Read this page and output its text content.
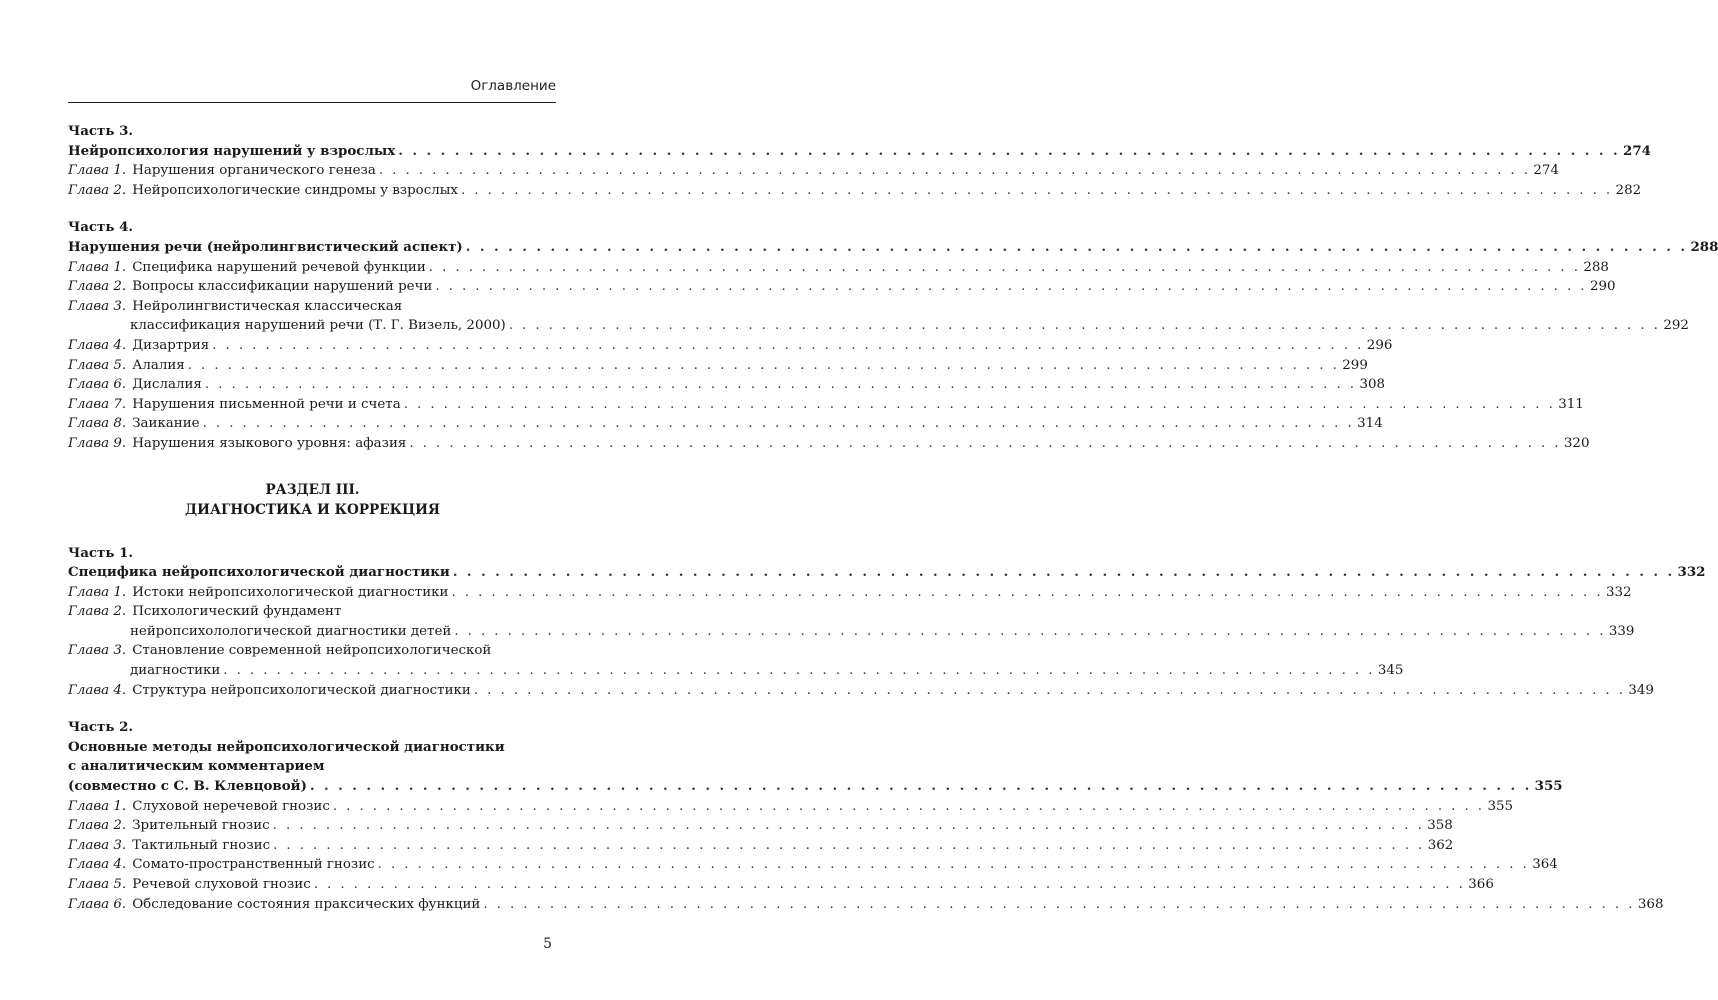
Оглавление
Часть 3.
Нейропсихология нарушений у взрослых . . .	274
Глава 1. Нарушения органического генеза . . .	274
Глава 2. Нейропсихологические синдромы у взрослых . . .	282
Часть 4.
Нарушения речи (нейролингвистический аспект) . . .	288
Глава 1. Специфика нарушений речевой функции . . .	288
Глава 2. Вопросы классификации нарушений речи . . .	290
Глава 3. Нейролингвистическая классическая
классификация нарушений речи (Т. Г. Визель, 2000) . . .	292
Глава 4. Дизартрия . . .	296
Глава 5. Алалия . . .	299
Глава 6. Дислалия . . .	308
Глава 7. Нарушения письменной речи и счета . . .	311
Глава 8. Заикание . . .	314
Глава 9. Нарушения языкового уровня: афазия . . .	320
РАЗДЕЛ III.
ДИАГНОСТИКА И КОРРЕКЦИЯ
Часть 1.
Специфика нейропсихологической диагностики . . .	332
Глава 1. Истоки нейропсихологической диагностики . . .	332
Глава 2. Психологический фундамент
нейропсихолологической диагностики детей . . .	339
Глава 3. Становление современной нейропсихологической
диагностики . . .	345
Глава 4. Структура нейропсихологической диагностики . . .	349
Часть 2.
Основные методы нейропсихологической диагностики
с аналитическим комментарием
(совместно с С. В. Клевцовой) . . .	355
Глава 1. Слуховой неречевой гнозис . . .	355
Глава 2. Зрительный гнозис . . .	358
Глава 3. Тактильный гнозис . . .	362
Глава 4. Сомато-пространственный гнозис . . .	364
Глава 5. Речевой слуховой гнозис . . .	366
Глава 6. Обследование состояния праксических функций . . .	368
5
